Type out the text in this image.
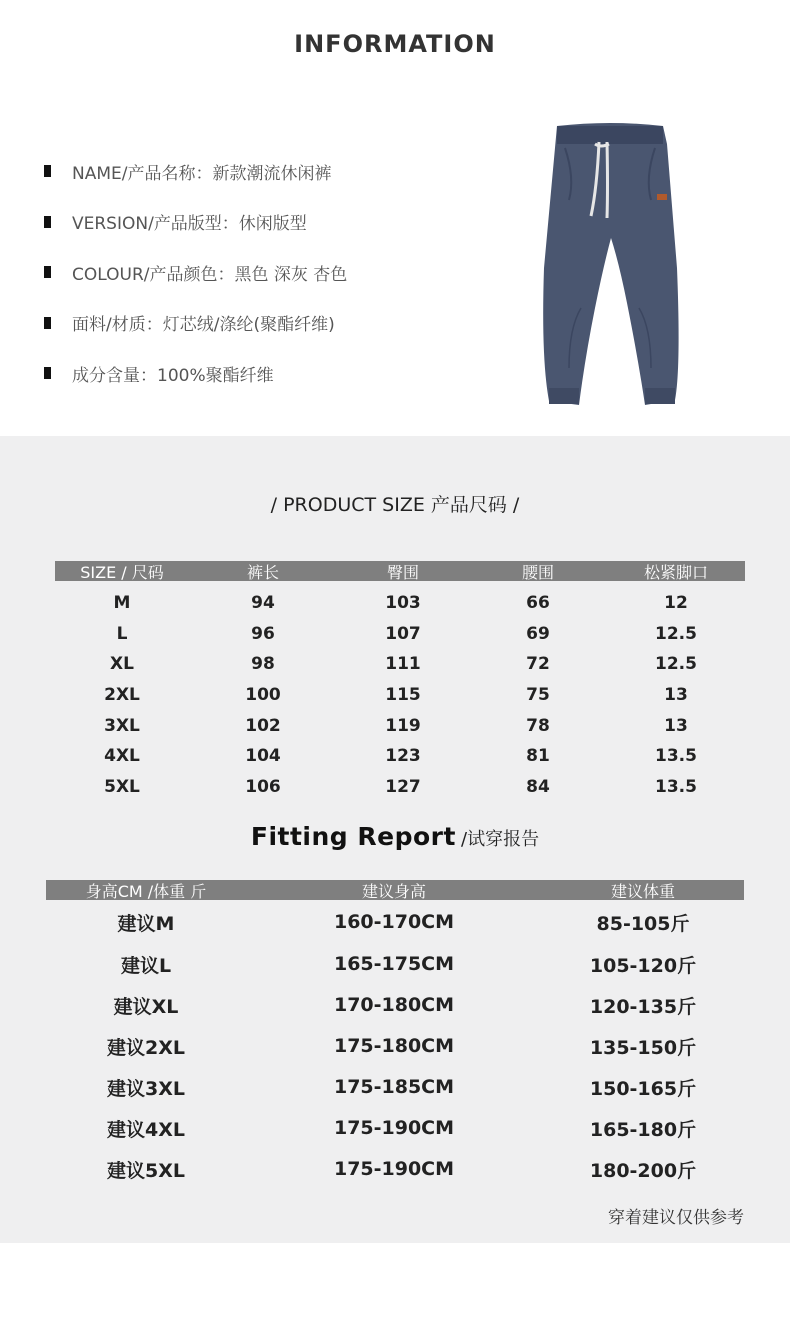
INFORMATION
NAME/产品名称：新款潮流休闲裤
VERSION/产品版型：休闲版型
COLOUR/产品颜色：黑色 深灰 杏色
面料/材质：灯芯绒/涤纶(聚酯纤维)
成分含量：100%聚酯纤维
/ PRODUCT SIZE 产品尺码 /
SIZE / 尺码	裤长	臀围	腰围	松紧脚口
M	94	103	66	12
L	96	107	69	12.5
XL	98	111	72	12.5
2XL	100	115	75	13
3XL	102	119	78	13
4XL	104	123	81	13.5
5XL	106	127	84	13.5
Fitting Report /试穿报告
身高CM /体重 斤	建议身高	建议体重
建议M	160-170CM	85-105斤
建议L	165-175CM	105-120斤
建议XL	170-180CM	120-135斤
建议2XL	175-180CM	135-150斤
建议3XL	175-185CM	150-165斤
建议4XL	175-190CM	165-180斤
建议5XL	175-190CM	180-200斤
穿着建议仅供参考
